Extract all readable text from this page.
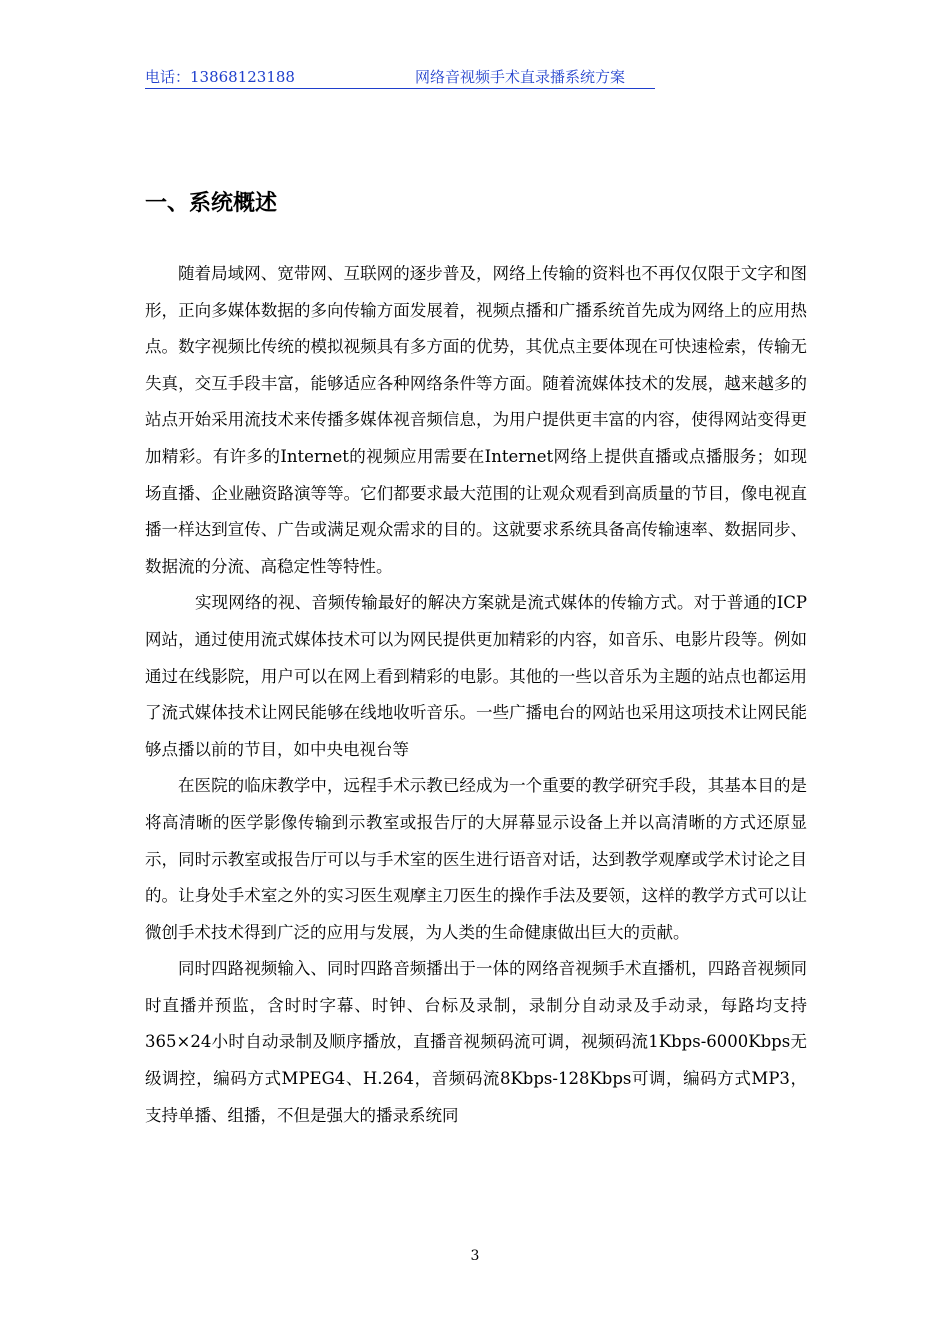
电话：13868123188	网络音视频手术直录播系统方案
一、系统概述

随着局域网、宽带网、互联网的逐步普及，网络上传输的资料也不再仅仅限于文字和图形，正向多媒体数据的多向传输方面发展着，视频点播和广播系统首先成为网络上的应用热点。数字视频比传统的模拟视频具有多方面的优势，其优点主要体现在可快速检索，传输无失真，交互手段丰富，能够适应各种网络条件等方面。随着流媒体技术的发展，越来越多的站点开始采用流技术来传播多媒体视音频信息，为用户提供更丰富的内容，使得网站变得更加精彩。有许多的Internet的视频应用需要在Internet网络上提供直播或点播服务；如现场直播、企业融资路演等等。它们都要求最大范围的让观众观看到高质量的节目，像电视直播一样达到宣传、广告或满足观众需求的目的。这就要求系统具备高传输速率、数据同步、数据流的分流、高稳定性等特性。

实现网络的视、音频传输最好的解决方案就是流式媒体的传输方式。对于普通的ICP网站，通过使用流式媒体技术可以为网民提供更加精彩的内容，如音乐、电影片段等。例如通过在线影院，用户可以在网上看到精彩的电影。其他的一些以音乐为主题的站点也都运用了流式媒体技术让网民能够在线地收听音乐。一些广播电台的网站也采用这项技术让网民能够点播以前的节目，如中央电视台等

在医院的临床教学中，远程手术示教已经成为一个重要的教学研究手段，其基本目的是将高清晰的医学影像传输到示教室或报告厅的大屏幕显示设备上并以高清晰的方式还原显示，同时示教室或报告厅可以与手术室的医生进行语音对话，达到教学观摩或学术讨论之目的。让身处手术室之外的实习医生观摩主刀医生的操作手法及要领，这样的教学方式可以让微创手术技术得到广泛的应用与发展，为人类的生命健康做出巨大的贡献。

同时四路视频输入、同时四路音频播出于一体的网络音视频手术直播机，四路音视频同时直播并预监，含时时字幕、时钟、台标及录制，录制分自动录及手动录，每路均支持365×24小时自动录制及顺序播放，直播音视频码流可调，视频码流1Kbps-6000Kbps无级调控，编码方式MPEG4、H.264，音频码流8Kbps-128Kbps可调，编码方式MP3，支持单播、组播，不但是强大的播录系统同

3
